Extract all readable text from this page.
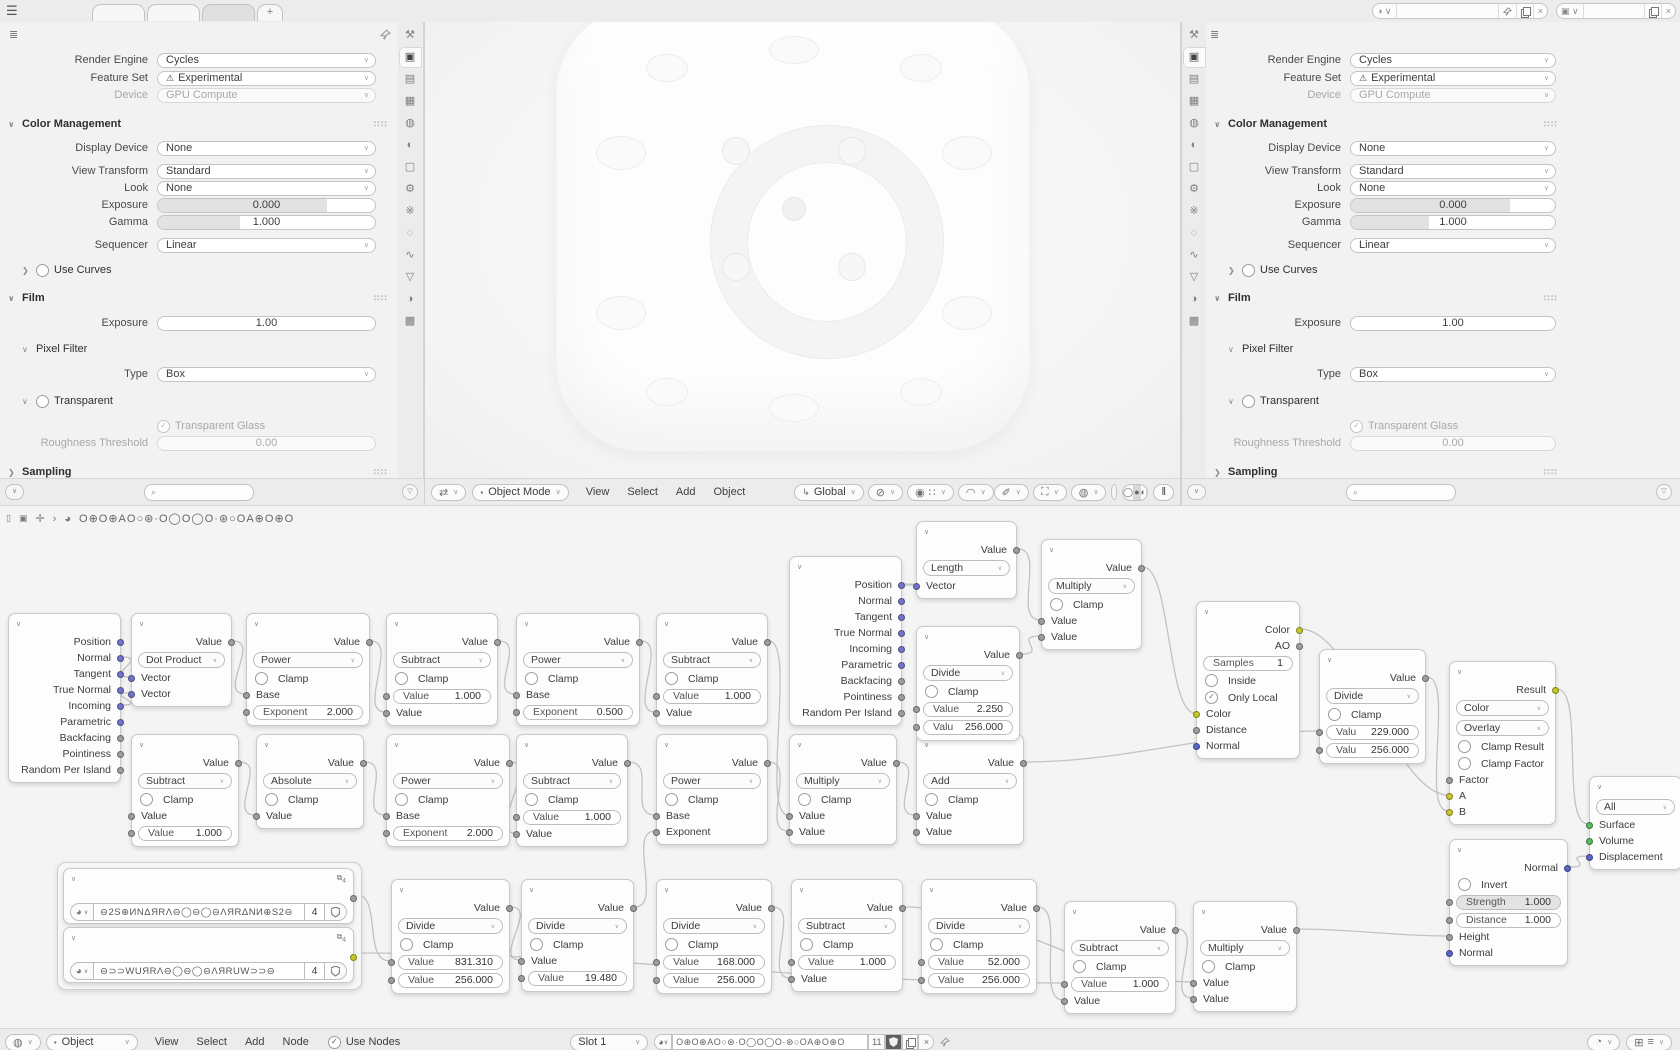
☰	+	◑ ∨	×	▣ ∨	×
≣
Render Engine	Cycles	∨
Feature Set	⚠ Experimental	∨
Device	GPU Compute	∨
∨ Color Management	∷∷
Display Device	None	∨
View Transform	Standard	∨
Look	None	∨
Exposure	0.000
Gamma	1.000
Sequencer	Linear	∨
❯	Use Curves
∨ Film	∷∷
Exposure	1.00
∨ Pixel Filter
Type	Box	∨
∨	Transparent
✓ Transparent Glass
Roughness Threshold	0.00
❯ Sampling	∷∷
⚒
▣
▤
▦
◍
◐
▢
⚙
※
◌
∿
▽
◑
▩
∨	⌕	▽	⇄ ∨	▪ Object Mode ∨	View	Select	Add	Object	↳ Global ∨ ⊘ ∨ ◉ ∷ ∨ ◠ ∨ ✐ ∨ ⛶ ∨ ◍ ∨	◯ ● ◐ ‖
⚒
▣
▤
▦
◍
◐
▢
⚙
※
◌
∿
▽
◑
▩
≣
Render Engine	Cycles	∨
Feature Set	⚠ Experimental	∨
Device	GPU Compute	∨
∨ Color Management	∷∷
Display Device	None	∨
View Transform	Standard	∨
Look	None	∨
Exposure	0.000
Gamma	1.000
Sequencer	Linear	∨
❯	Use Curves
∨ Film	∷∷
Exposure	1.00
∨ Pixel Filter
Type	Box	∨
∨	Transparent
✓ Transparent Glass
Roughness Threshold	0.00
❯ Sampling	∷∷
∨	⌕	▽
▯ ▣ ✛ › ◕ O⊕O⊕AO○⊛·O◯O◯O·⊛○OA⊕O⊕O
∨
Position
Normal
Tangent
True Normal
Incoming
Parametric
Backfacing
Pointiness
Random Per Island
∨
Value
Dot Product ∨
Vector
Vector
∨
Value
Power	∨
Clamp
Base
Exponent 2.000
∨
Value
Subtract	∨
Clamp
Value 1.000
Value
∨
Value
Power	∨
Clamp
Base
Exponent 0.500
∨
Value
Subtract	∨
Clamp
Value 1.000
Value
∨
Value
Subtract	∨
Clamp
Value
Value 1.000
∨
Value
Absolute	∨
Clamp
Value
∨
Value
Power	∨
Clamp
Base
Exponent 2.000
∨
Value
Subtract	∨
Clamp
Value 1.000
Value
∨
Value
Power	∨
Clamp
Base
Exponent
∨
Value
Multiply	∨
Clamp
Value
Value
∨
Value
Add	∨
Clamp
Value
Value
∨
Value
Length	∨
Vector
∨
Value
Multiply	∨
Clamp
Value
Value
∨
Position
Normal
Tangent
True Normal
Incoming
Parametric
Backfacing
Pointiness
Random Per Island
∨
Value
Divide	∨
Clamp
Value 2.250
Valu 256.000
∨
Color
AO
Samples 1
Inside
✓	Only Local
Color
Distance
Normal
∨
Value
Divide	∨
Clamp
Valu 229.000
Valu 256.000
∨
Result
Color	∨
Overlay	∨
Clamp Result
Clamp Factor
Factor
A
B
∨
All	∨
Surface
Volume
Displacement
∨
Normal
Invert
Strength 1.000
Distance 1.000
Height
Normal
∨
Value
Divide	∨
Clamp
Value 831.310
Value 256.000
∨
Value
Divide	∨
Clamp
Value
Value 19.480
∨
Value
Divide	∨
Clamp
Value 168.000
Value 256.000
∨
Value
Subtract	∨
Clamp
Value 1.000
Value
∨
Value
Divide	∨
Clamp
Value 52.000
Value 256.000
∨
Value
Subtract	∨
Clamp
Value 1.000
Value
∨
Value
Multiply	∨
Clamp
Value
Value
∨	$⧉_4$
◕ ∨	⊖2S⊕ИNΔЯRΛ⊖◯⊖◯⊖ΛЯRΔNИ⊕S2⊖	4
∨	$⧉_4$
◕ ∨	⊖⊃⊃WUЯRΛ⊖◯⊖◯⊖ΛЯRUW⊃⊃⊖	4
◍ ∨	▪ Object	∨	View	Select	Add	Node	✓ Use Nodes	Slot 1	∨	◕ ∨ O⊕O⊕AO○⊛·O◯O◯O·⊛○OA⊕O⊕O	11	×	◔ ∨ ⊞ ≡ ∨
